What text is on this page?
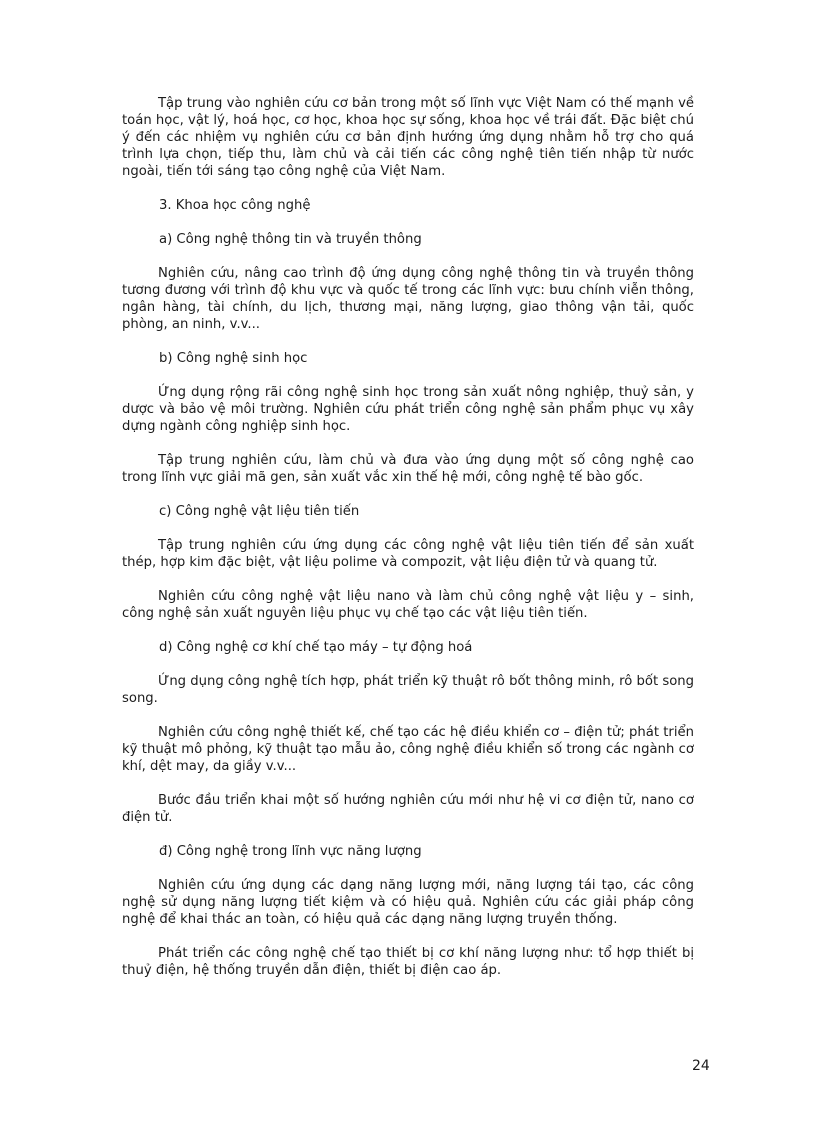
Tập trung vào nghiên cứu cơ bản trong một số lĩnh vực Việt Nam có thế mạnh về toán học, vật lý, hoá học, cơ học, khoa học sự sống, khoa học về trái đất. Đặc biệt chú ý đến các nhiệm vụ nghiên cứu cơ bản định hướng ứng dụng nhằm hỗ trợ cho quá trình lựa chọn, tiếp thu, làm chủ và cải tiến các công nghệ tiên tiến nhập từ nước ngoài, tiến tới sáng tạo công nghệ của Việt Nam.

3. Khoa học công nghệ

a) Công nghệ thông tin và truyền thông

Nghiên cứu, nâng cao trình độ ứng dụng công nghệ thông tin và truyền thông tương đương với trình độ khu vực và quốc tế trong các lĩnh vực: bưu chính viễn thông, ngân hàng, tài chính, du lịch, thương mại, năng lượng, giao thông vận tải, quốc phòng, an ninh, v.v...

b) Công nghệ sinh học

Ứng dụng rộng rãi công nghệ sinh học trong sản xuất nông nghiệp, thuỷ sản, y dược và bảo vệ môi trường. Nghiên cứu phát triển công nghệ sản phẩm phục vụ xây dựng ngành công nghiệp sinh học.

Tập trung nghiên cứu, làm chủ và đưa vào ứng dụng một số công nghệ cao trong lĩnh vực giải mã gen, sản xuất vắc xin thế hệ mới, công nghệ tế bào gốc.

c) Công nghệ vật liệu tiên tiến

Tập trung nghiên cứu ứng dụng các công nghệ vật liệu tiên tiến để sản xuất thép, hợp kim đặc biệt, vật liệu polime và compozit, vật liệu điện tử và quang tử.

Nghiên cứu công nghệ vật liệu nano và làm chủ công nghệ vật liệu y – sinh, công nghệ sản xuất nguyên liệu phục vụ chế tạo các vật liệu tiên tiến.

d) Công nghệ cơ khí chế tạo máy – tự động hoá

Ứng dụng công nghệ tích hợp, phát triển kỹ thuật rô bốt thông minh, rô bốt song song.

Nghiên cứu công nghệ thiết kế, chế tạo các hệ điều khiển cơ – điện tử; phát triển kỹ thuật mô phỏng, kỹ thuật tạo mẫu ảo, công nghệ điều khiển số trong các ngành cơ khí, dệt may, da giầy v.v...

Bước đầu triển khai một số hướng nghiên cứu mới như hệ vi cơ điện tử, nano cơ điện tử.

đ) Công nghệ trong lĩnh vực năng lượng

Nghiên cứu ứng dụng các dạng năng lượng mới, năng lượng tái tạo, các công nghệ sử dụng năng lượng tiết kiệm và có hiệu quả. Nghiên cứu các giải pháp công nghệ để khai thác an toàn, có hiệu quả các dạng năng lượng truyền thống.

Phát triển các công nghệ chế tạo thiết bị cơ khí năng lượng như: tổ hợp thiết bị thuỷ điện, hệ thống truyền dẫn điện, thiết bị điện cao áp.

24
